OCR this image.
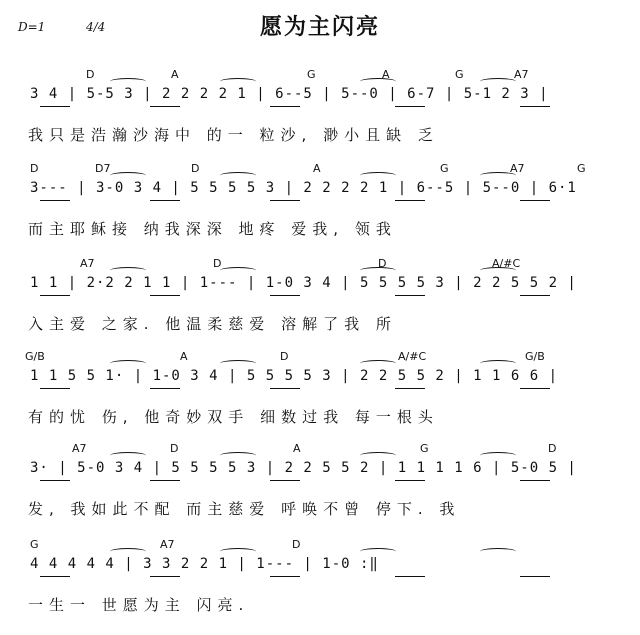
愿为主闪亮
D=1	4/4
D	A	G	A	G	A7
3 4 | 5-5 3 | 2 2 2 2 1 | 6--5 | 5--0 | 6-7 | 5-1 2 3 |
我只是浩瀚沙海中 的一 粒沙, 渺小且缺 乏
D	D7	D	A	G	A7	G
3--- | 3-0 3 4 | 5 5 5 5 3 | 2 2 2 2 1 | 6--5 | 5--0 | 6·1
而主耶稣接 纳我深深 地疼 爱我, 领我
A7	D	D	A/#C
1 1 | 2·2 2 1 1 | 1--- | 1-0 3 4 | 5 5 5 5 3 | 2 2 5 5 2 |
入主爱 之家. 他温柔慈爱 溶解了我 所
G/B	A	D	A/#C	G/B
1 1 5 5 1· | 1-0 3 4 | 5 5 5 5 3 | 2 2 5 5 2 | 1 1 6 6 |
有的忧 伤, 他奇妙双手 细数过我 每一根头
A7	D	A	G	D
3· | 5-0 3 4 | 5 5 5 5 3 | 2 2 5 5 2 | 1 1 1 1 6 | 5-0 5 |
发, 我如此不配 而主慈爱 呼唤不曾 停下. 我
G	A7	D
4 4 4 4 4 | 3 3 2 2 1 | 1--- | 1-0 :‖
一生一 世愿为主 闪亮.
